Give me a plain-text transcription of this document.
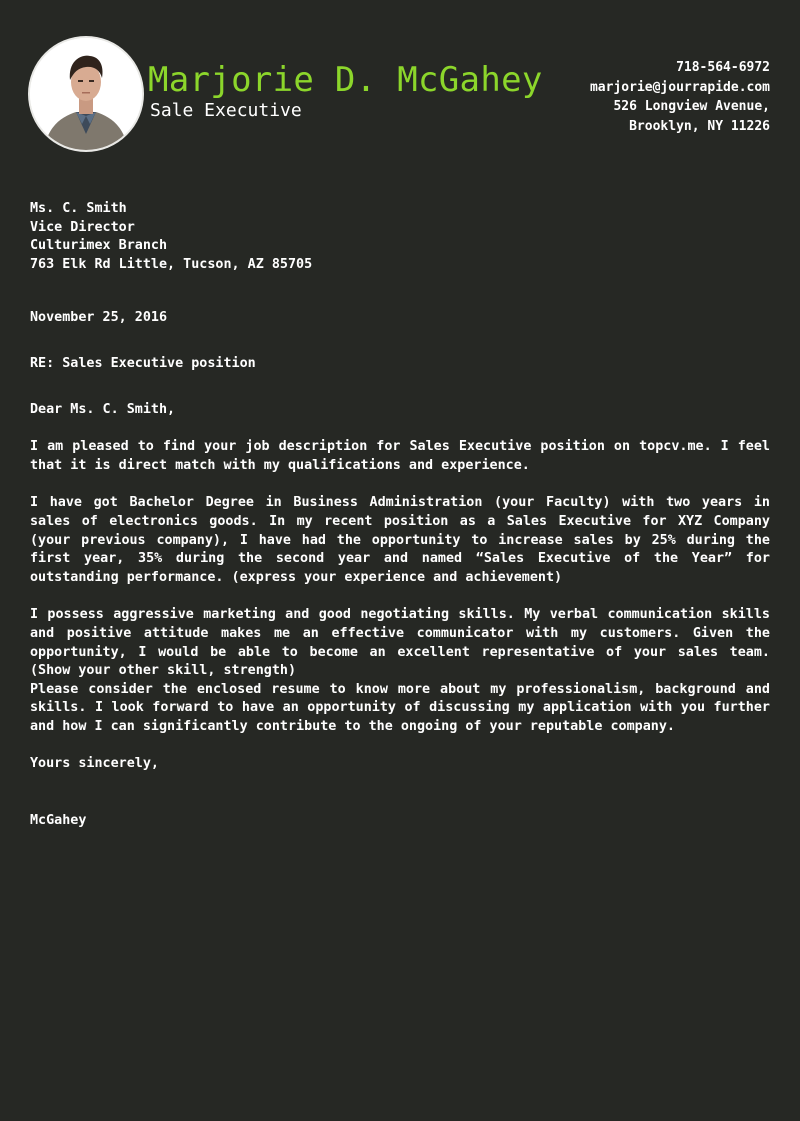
Marjorie D. McGahey
Sale Executive
718-564-6972
marjorie@jourrapide.com
526 Longview Avenue,
Brooklyn, NY 11226
Ms. C. Smith
Vice Director
Culturimex Branch
763 Elk Rd Little, Tucson, AZ 85705
November 25, 2016
RE: Sales Executive position
Dear Ms. C. Smith,

I am pleased to find your job description for Sales Executive position on topcv.me. I feel that it is direct match with my qualifications and experience.

I have got Bachelor Degree in Business Administration (your Faculty) with two years in sales of electronics goods. In my recent position as a Sales Executive for XYZ Company (your previous company), I have had the opportunity to increase sales by 25% during the first year, 35% during the second year and named “Sales Executive of the Year” for outstanding performance. (express your experience and achievement)

I possess aggressive marketing and good negotiating skills. My verbal communication skills and positive attitude makes me an effective communicator with my customers. Given the opportunity, I would be able to become an excellent representative of your sales team. (Show your other skill, strength)

Please consider the enclosed resume to know more about my professionalism, background and skills. I look forward to have an opportunity of discussing my application with you further and how I can significantly contribute to the ongoing of your reputable company.

Yours sincerely,
McGahey
